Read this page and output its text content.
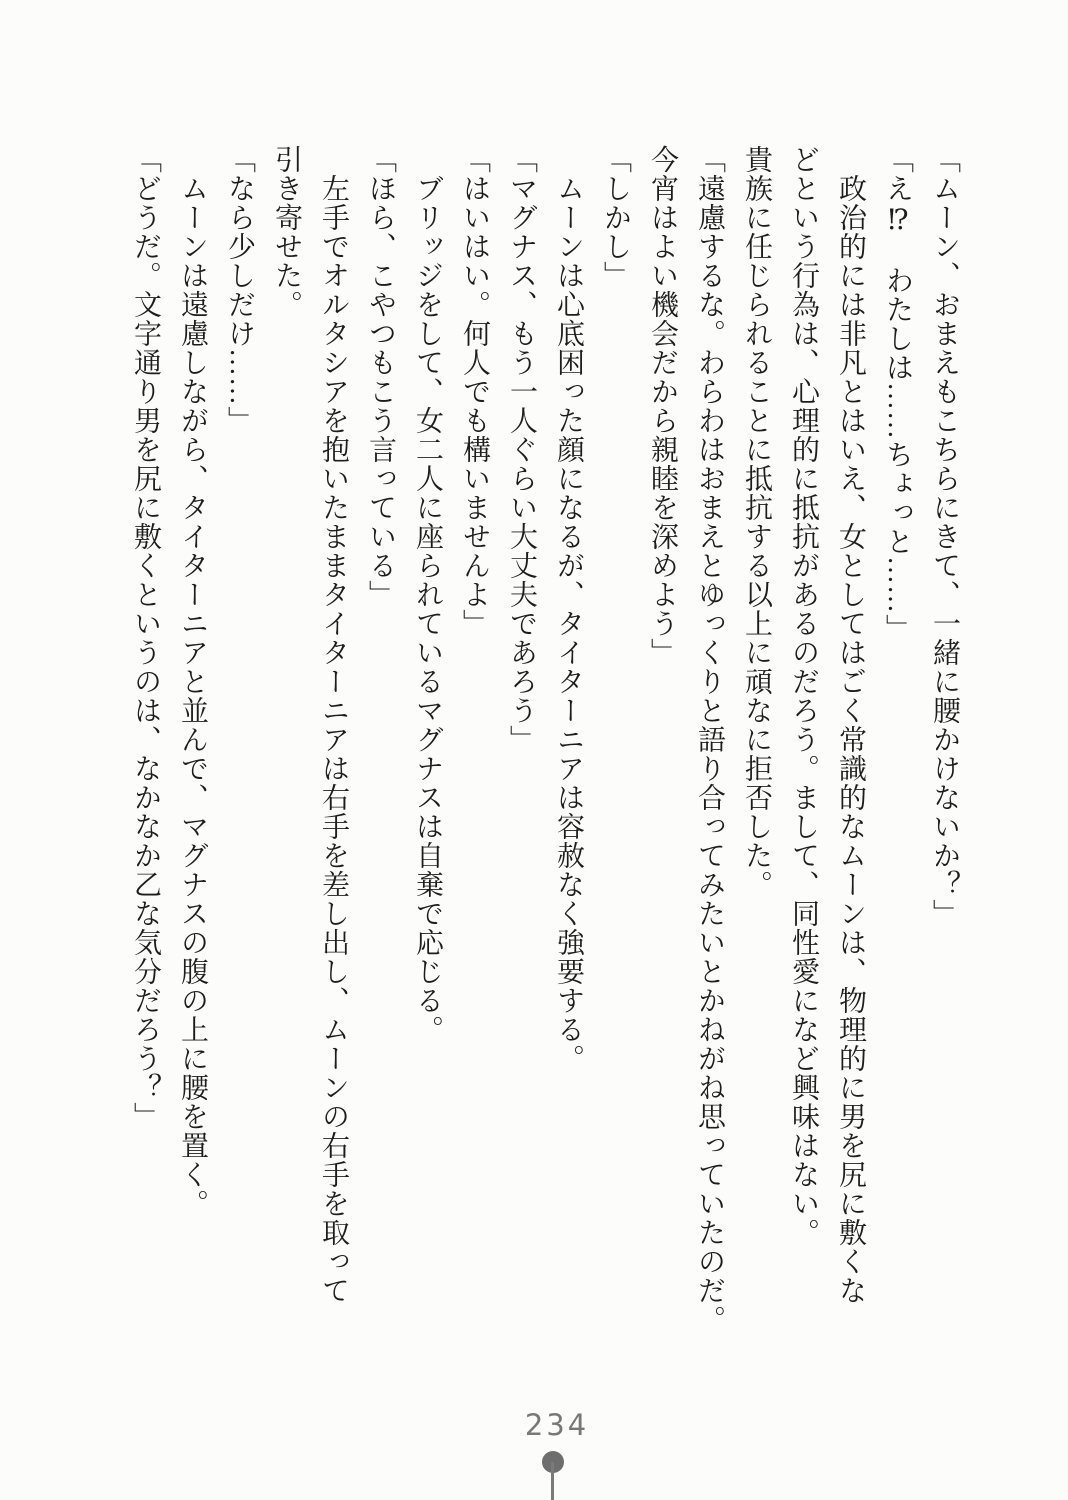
「ムーン、おまえもこちらにきて、一緒に腰かけないか？」
「え⁉　わたしは……ちょっと……」
政治的には非凡とはいえ、女としてはごく常識的なムーンは、物理的に男を尻に敷くな
どという行為は、心理的に抵抗があるのだろう。まして、同性愛になど興味はない。
貴族に任じられることに抵抗する以上に頑なに拒否した。
「遠慮するな。わらわはおまえとゆっくりと語り合ってみたいとかねがね思っていたのだ。
今宵はよい機会だから親睦を深めよう」
「しかし」
ムーンは心底困った顔になるが、タイターニアは容赦なく強要する。
「マグナス、もう一人ぐらい大丈夫であろう」
「はいはい。何人でも構いませんよ」
ブリッジをして、女二人に座られているマグナスは自棄で応じる。
「ほら、こやつもこう言っている」
左手でオルタシアを抱いたままタイターニアは右手を差し出し、ムーンの右手を取って
引き寄せた。
「なら少しだけ……」
ムーンは遠慮しながら、タイターニアと並んで、マグナスの腹の上に腰を置く。
「どうだ。文字通り男を尻に敷くというのは、なかなか乙な気分だろう？」
234
